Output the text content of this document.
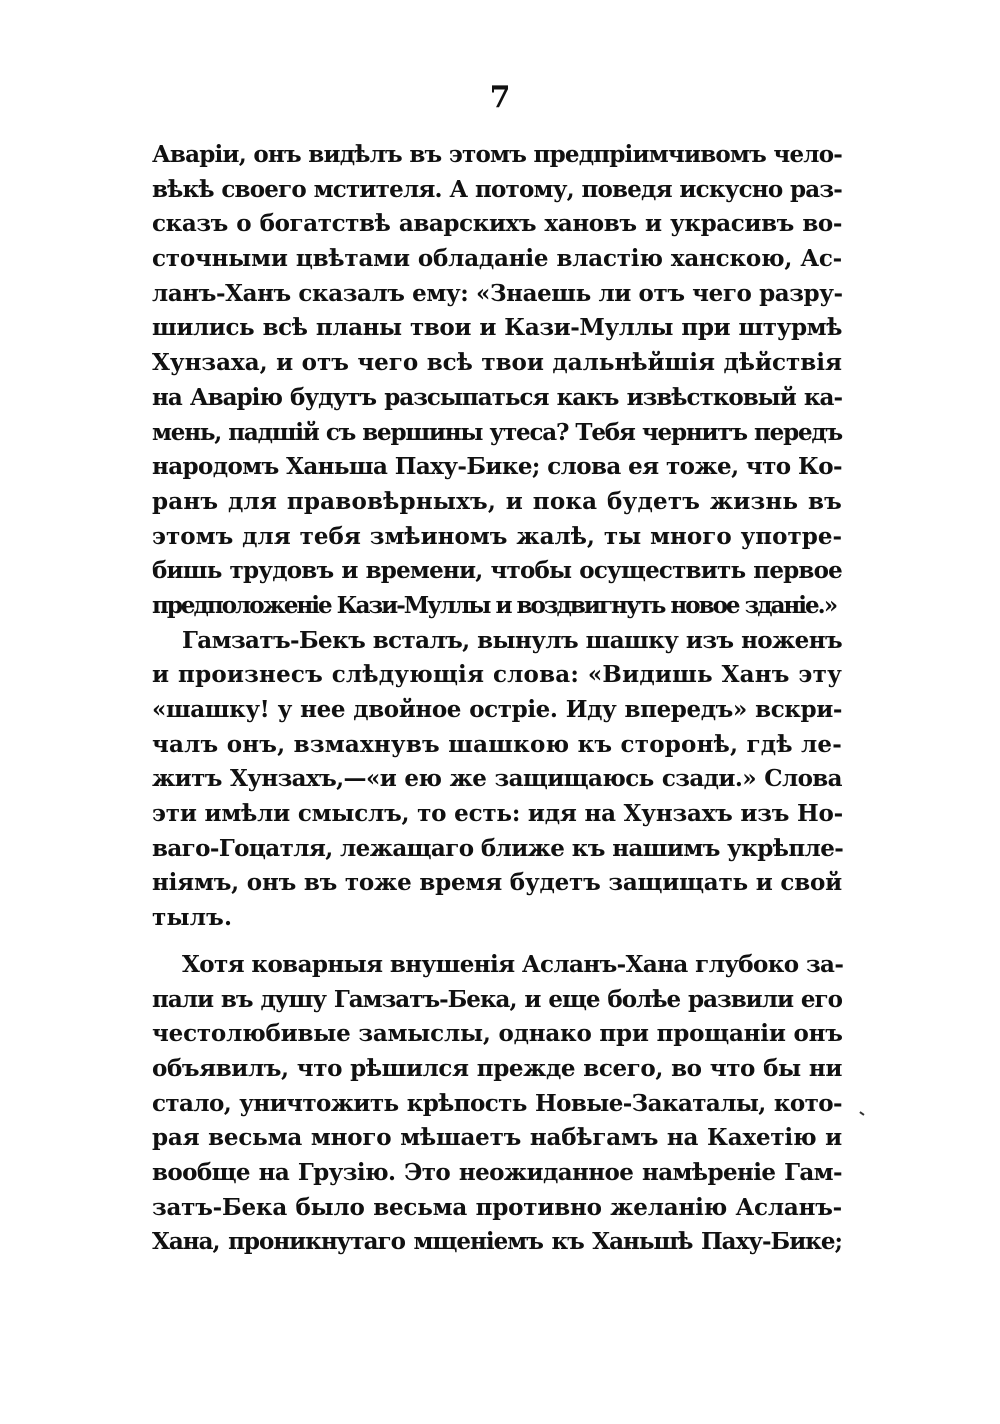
7
Аварiи, онъ видѣлъ въ этомъ предпрiимчивомъ чело-
вѣкѣ своего мстителя. А потому, поведя искусно раз-
сказъ о богатствѣ аварскихъ хановъ и украсивъ во-
сточными цвѣтами обладанiе властiю ханскою, Ас-
ланъ-Ханъ сказалъ ему: «Знаешь ли отъ чего разру-
шились всѣ планы твои и Кази-Муллы при штурмѣ
Хунзаха, и отъ чего всѣ твои дальнѣйшiя дѣйствiя
на Аварiю будутъ разсыпаться какъ извѣстковый ка-
мень, падшiй съ вершины утеса? Тебя чернитъ передъ
народомъ Ханьша Паху-Бике; слова ея тоже, что Ко-
ранъ для правовѣрныхъ, и пока будетъ жизнь въ
этомъ для тебя змѣиномъ жалѣ, ты много употре-
бишь трудовъ и времени, чтобы осуществить первое
предположенiе Кази-Муллы и воздвигнуть новое зданiе.»
Гамзатъ-Бекъ всталъ, вынулъ шашку изъ ноженъ
и произнесъ слѣдующiя слова: «Видишь Ханъ эту
«шашку! у нее двойное острiе. Иду впередъ» вскри-
чалъ онъ, взмахнувъ шашкою къ сторонѣ, гдѣ ле-
житъ Хунзахъ,—«и ею же защищаюсь сзади.» Слова
эти имѣли смыслъ, то есть: идя на Хунзахъ изъ Но-
ваго-Гоцатля, лежащаго ближе къ нашимъ укрѣпле-
нiямъ, онъ въ тоже время будетъ защищать и свой
тылъ.
Хотя коварныя внушенiя Асланъ-Хана глубоко за-
пали въ душу Гамзатъ-Бека, и еще болѣе развили его
честолюбивые замыслы, однако при прощанiи онъ
объявилъ, что рѣшился прежде всего, во что бы ни
стало, уничтожить крѣпость Новые-Закаталы, кото-
рая весьма много мѣшаетъ набѣгамъ на Кахетiю и
вообще на Грузiю. Это неожиданное намѣренiе Гам-
затъ-Бека было весьма противно желанiю Асланъ-
Хана, проникнутаго мщенiемъ къ Ханьшѣ Паху-Бике;
